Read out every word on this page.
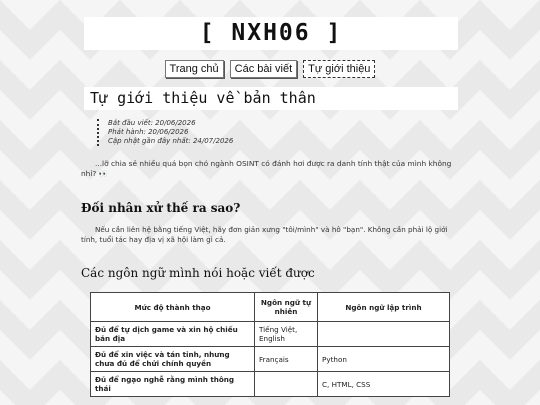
[ NXH06 ]
Trang chủ Các bài viết Tự giới thiệu
Tự giới thiệu về bản thân
Bắt đầu viết: 20/06/2026
Phát hành: 20/06/2026
Cập nhật gần đây nhất: 24/07/2026

...lỡ chia sẻ nhiều quá bọn chó ngành OSINT có đánh hơi được ra danh tính thật của mình không nhỉ? 👀

Đối nhân xử thế ra sao?

Nếu cần liên hệ bằng tiếng Việt, hãy đơn giản xưng "tôi/mình" và hô "bạn". Không cần phải lộ giới tính, tuổi tác hay địa vị xã hội làm gì cả.

Các ngôn ngữ mình nói hoặc viết được
Mức độ thành thạo	Ngôn ngữ tự nhiên	Ngôn ngữ lập trình
Đủ để tự dịch game và xin hộ chiếu bản địa	Tiếng Việt, English	
Đủ để xin việc và tán tỉnh, nhưng chưa đủ để chửi chính quyền	Français	Python
Đủ để ngạo nghễ rằng mình thông thái		C, HTML, CSS
